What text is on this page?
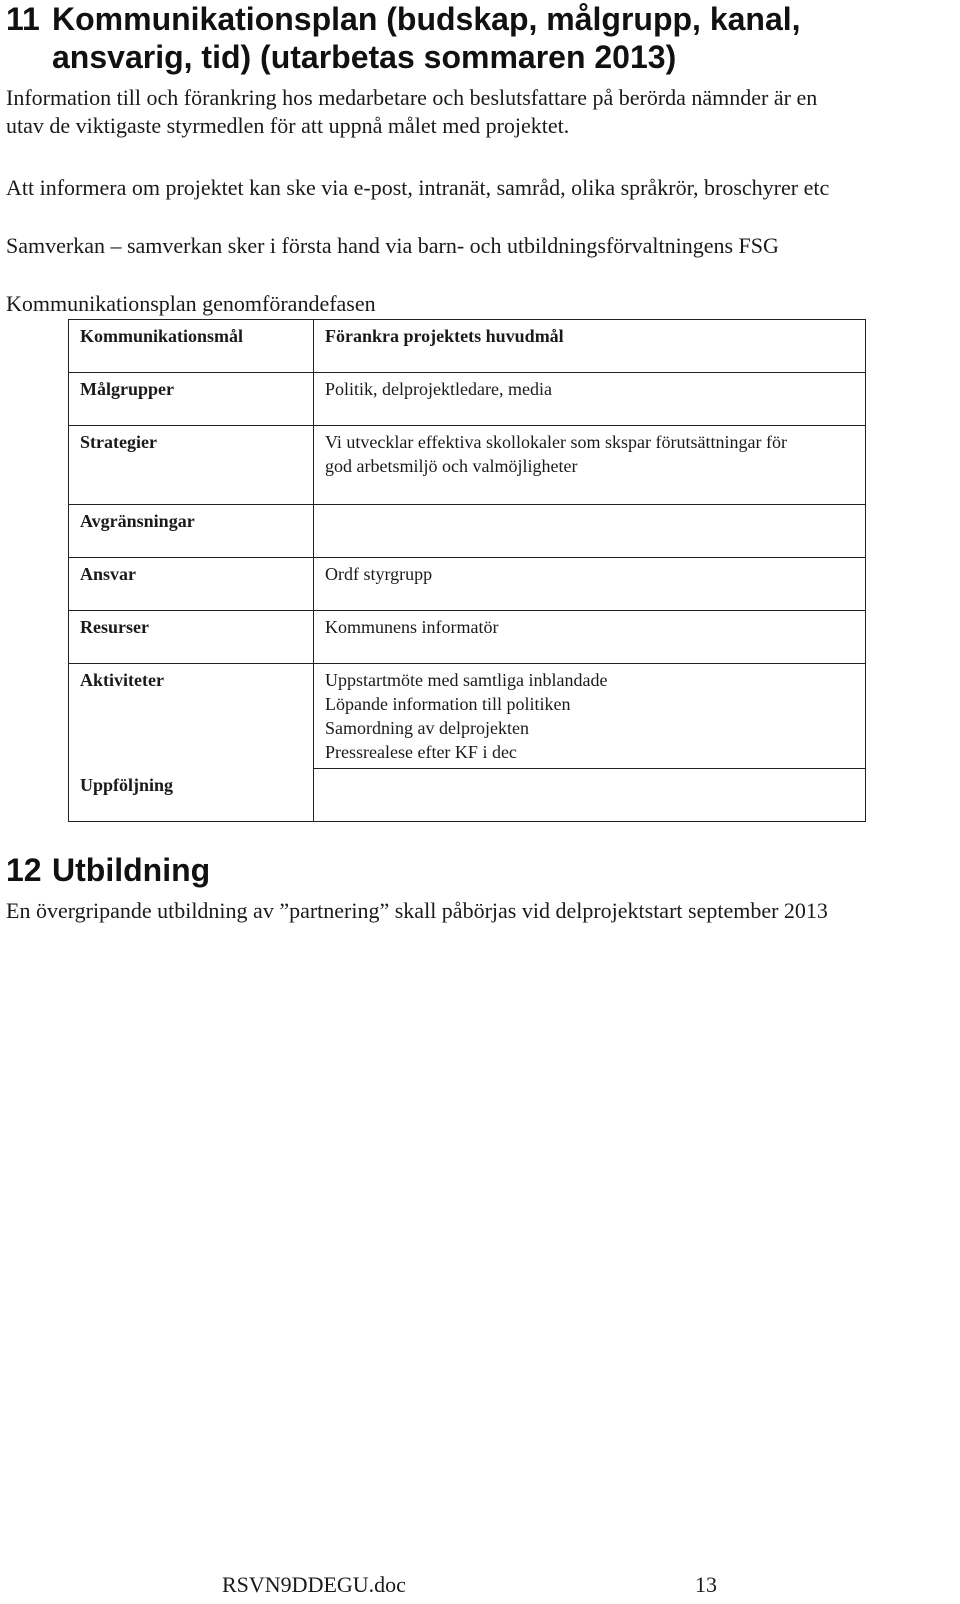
11 Kommunikationsplan (budskap, målgrupp, kanal,
ansvarig, tid) (utarbetas sommaren 2013)

Information till och förankring hos medarbetare och beslutsfattare på berörda nämnder är en
utav de viktigaste styrmedlen för att uppnå målet med projektet.

Att informera om projektet kan ske via e-post, intranät, samråd, olika språkrör, broschyrer etc

Samverkan – samverkan sker i första hand via barn- och utbildningsförvaltningens FSG

Kommunikationsplan genomförandefasen

Kommunikationsmål	Förankra projektets huvudmål
Målgrupper	Politik, delprojektledare, media
Strategier	Vi utvecklar effektiva skollokaler som skspar förutsättningar för
god arbetsmiljö och valmöjligheter

Avgränsningar	
Ansvar	Ordf styrgrupp
Resurser	Kommunens informatör
Aktiviteter	Uppstartmöte med samtliga inblandade
Löpande information till politiken
Samordning av delprojekten
Pressrealese efter KF i dec

Uppföljning	
12 Utbildning

En övergripande utbildning av ”partnering” skall påbörjas vid delprojektstart september 2013

RSVN9DDEGU.doc	13
